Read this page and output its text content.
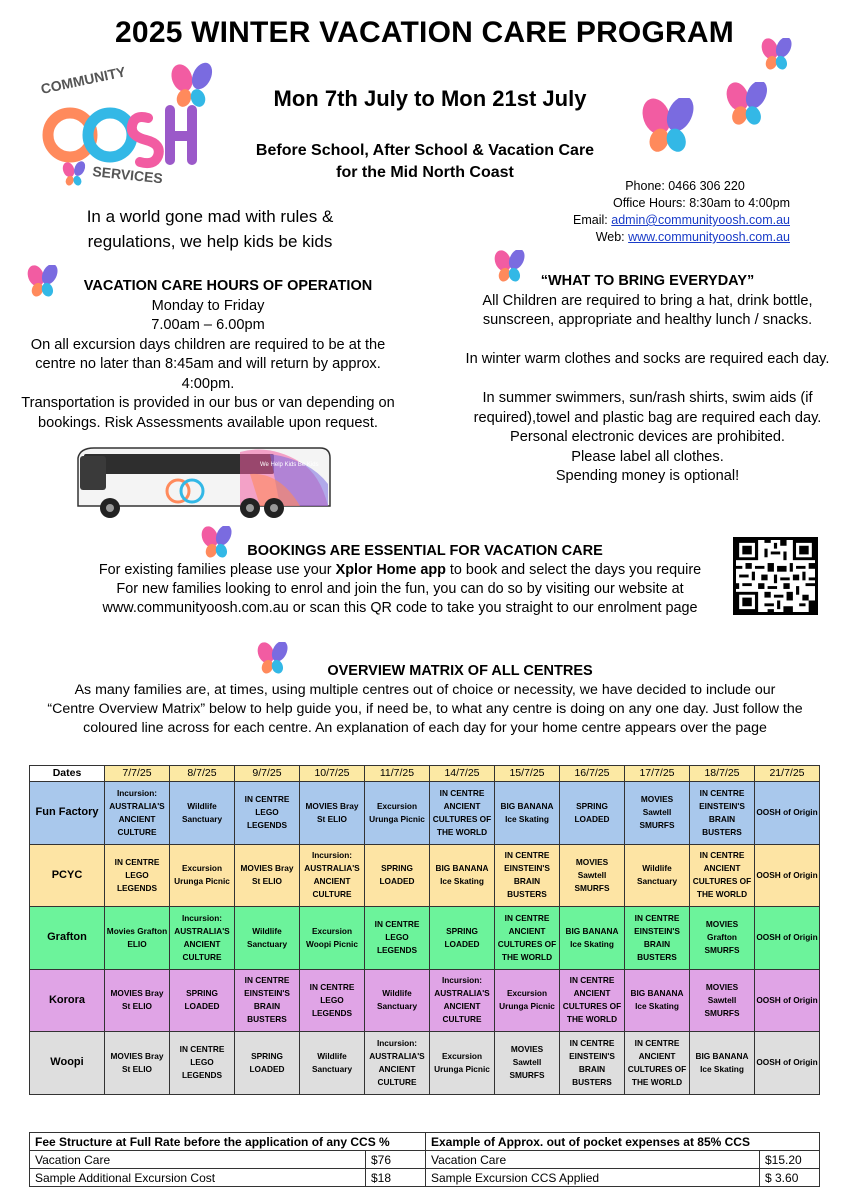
2025 WINTER VACATION CARE PROGRAM
COMMUNITY
SERVICES
Mon 7th July to Mon 21st July
Before School, After School & Vacation Care
for the Mid North Coast
Phone: 0466 306 220
Office Hours: 8:30am to 4:00pm
Email: admin@communityoosh.com.au
Web: www.communityoosh.com.au
In a world gone mad with rules &
regulations, we help kids be kids
VACATION CARE HOURS OF OPERATION
Monday to Friday
7.00am – 6.00pm
On all excursion days children are required to be at the
centre no later than 8:45am and will return by approx.
4:00pm.
Transportation is provided in our bus or van depending on
bookings. Risk Assessments available upon request.
We Help Kids Be Kids
“WHAT TO BRING EVERYDAY”
All Children are required to bring a hat, drink bottle,
sunscreen, appropriate and healthy lunch / snacks.
In winter warm clothes and socks are required each day.
In summer swimmers, sun/rash shirts, swim aids (if
required),towel and plastic bag are required each day.
Personal electronic devices are prohibited.
Please label all clothes.
Spending money is optional!
BOOKINGS ARE ESSENTIAL FOR VACATION CARE
For existing families please use your Xplor Home app to book and select the days you require
For new families looking to enrol and join the fun, you can do so by visiting our website at
www.communityoosh.com.au or scan this QR code to take you straight to our enrolment page
OVERVIEW MATRIX OF ALL CENTRES
As many families are, at times, using multiple centres out of choice or necessity, we have decided to include our
“Centre Overview Matrix” below to help guide you, if need be, to what any centre is doing on any one day. Just follow the
coloured line across for each centre. An explanation of each day for your home centre appears over the page
Dates	7/7/25	8/7/25	9/7/25	10/7/25	11/7/25	14/7/25	15/7/25	16/7/25	17/7/25	18/7/25	21/7/25
Fun Factory	Incursion: AUSTRALIA'S ANCIENT CULTURE	Wildlife Sanctuary	IN CENTRE LEGO LEGENDS	MOVIES Bray St ELIO	Excursion Urunga Picnic	IN CENTRE ANCIENT CULTURES OF THE WORLD	BIG BANANA Ice Skating	SPRING LOADED	MOVIES Sawtell SMURFS	IN CENTRE EINSTEIN'S BRAIN BUSTERS	OOSH of Origin
PCYC	IN CENTRE LEGO LEGENDS	Excursion Urunga Picnic	MOVIES Bray St ELIO	Incursion: AUSTRALIA'S ANCIENT CULTURE	SPRING LOADED	BIG BANANA Ice Skating	IN CENTRE EINSTEIN'S BRAIN BUSTERS	MOVIES Sawtell SMURFS	Wildlife Sanctuary	IN CENTRE ANCIENT CULTURES OF THE WORLD	OOSH of Origin
Grafton	Movies Grafton ELIO	Incursion: AUSTRALIA'S ANCIENT CULTURE	Wildlife Sanctuary	Excursion Woopi Picnic	IN CENTRE LEGO LEGENDS	SPRING LOADED	IN CENTRE ANCIENT CULTURES OF THE WORLD	BIG BANANA Ice Skating	IN CENTRE EINSTEIN'S BRAIN BUSTERS	MOVIES Grafton SMURFS	OOSH of Origin
Korora	MOVIES Bray St ELIO	SPRING LOADED	IN CENTRE EINSTEIN'S BRAIN BUSTERS	IN CENTRE LEGO LEGENDS	Wildlife Sanctuary	Incursion: AUSTRALIA'S ANCIENT CULTURE	Excursion Urunga Picnic	IN CENTRE ANCIENT CULTURES OF THE WORLD	BIG BANANA Ice Skating	MOVIES Sawtell SMURFS	OOSH of Origin
Woopi	MOVIES Bray St ELIO	IN CENTRE LEGO LEGENDS	SPRING LOADED	Wildlife Sanctuary	Incursion: AUSTRALIA'S ANCIENT CULTURE	Excursion Urunga Picnic	MOVIES Sawtell SMURFS	IN CENTRE EINSTEIN'S BRAIN BUSTERS	IN CENTRE ANCIENT CULTURES OF THE WORLD	BIG BANANA Ice Skating	OOSH of Origin
Fee Structure at Full Rate before the application of any CCS %	
Vacation Care	$76
Sample Additional Excursion Cost	$18
Example of Approx. out of pocket expenses at 85% CCS	
Vacation Care	$15.20
Sample Excursion CCS Applied	$ 3.60
